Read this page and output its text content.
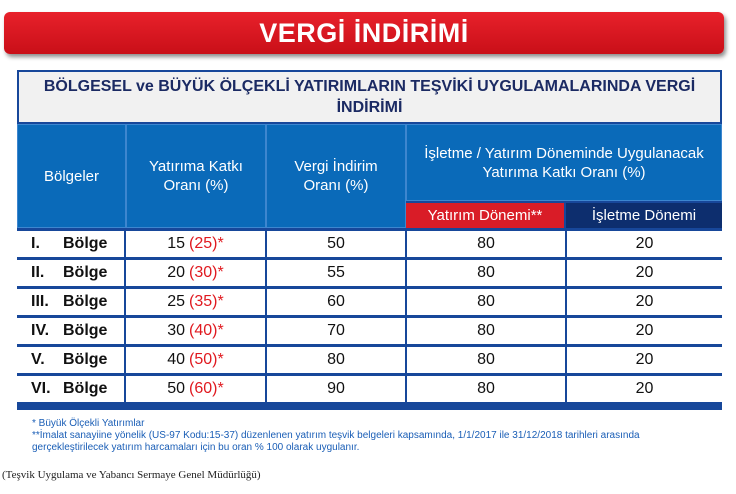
VERGİ İNDİRİMİ
BÖLGESEL ve BÜYÜK ÖLÇEKLİ YATIRIMLARIN TEŞVİKİ UYGULAMALARINDA VERGİ İNDİRİMİ
Bölgeler
Yatırıma Katkı Oranı (%)
Vergi İndirim Oranı (%)
İşletme / Yatırım Döneminde Uygulanacak Yatırıma Katkı Oranı (%)
Yatırım Dönemi**	İşletme Dönemi
I.	Bölge	15 (25)*	50	80	20
II.	Bölge	20 (30)*	55	80	20
III. Bölge	25 (35)*	60	80	20
IV. Bölge	30 (40)*	70	80	20
V.	Bölge	40 (50)*	80	80	20
VI. Bölge	50 (60)*	90	80	20
* Büyük Ölçekli Yatırımlar
**İmalat sanayiine yönelik (US-97 Kodu:15-37) düzenlenen yatırım teşvik belgeleri kapsamında, 1/1/2017 ile 31/12/2018 tarihleri arasında gerçekleştirilecek yatırım harcamaları için bu oran % 100 olarak uygulanır.
(Teşvik Uygulama ve Yabancı Sermaye Genel Müdürlüğü)
